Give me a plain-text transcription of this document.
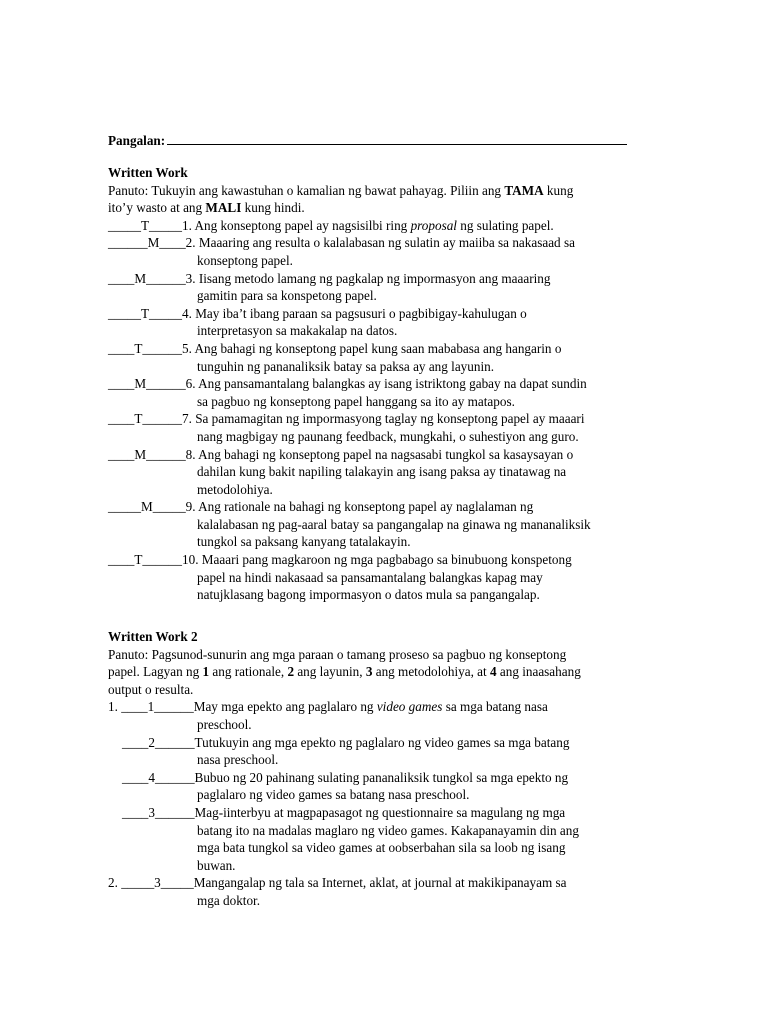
Pangalan:
Written Work
Panuto: Tukuyin ang kawastuhan o kamalian ng bawat pahayag. Piliin ang TAMA kung
ito’y wasto at ang MALI kung hindi.
_____T_____ 1. Ang konseptong papel ay nagsisilbi ring proposal ng sulating papel.
______M____ 2. Maaaring ang resulta o kalalabasan ng sulatin ay maiiba sa nakasaad sa
konseptong papel.
____M______ 3. Iisang metodo lamang ng pagkalap ng impormasyon ang maaaring
gamitin para sa konspetong papel.
_____T_____ 4. May iba’t ibang paraan sa pagsusuri o pagbibigay-kahulugan o
interpretasyon sa makakalap na datos.
____T______ 5. Ang bahagi ng konseptong papel kung saan mababasa ang hangarin o
tunguhin ng pananaliksik batay sa paksa ay ang layunin.
____M______ 6. Ang pansamantalang balangkas ay isang istriktong gabay na dapat sundin
sa pagbuo ng konseptong papel hanggang sa ito ay matapos.
____T______ 7. Sa pamamagitan ng impormasyong taglay ng konseptong papel ay maaari
nang magbigay ng paunang feedback, mungkahi, o suhestiyon ang guro.
____M______ 8. Ang bahagi ng konseptong papel na nagsasabi tungkol sa kasaysayan o
dahilan kung bakit napiling talakayin ang isang paksa ay tinatawag na
metodolohiya.
_____M_____ 9. Ang rationale na bahagi ng konseptong papel ay naglalaman ng
kalalabasan ng pag-aaral batay sa pangangalap na ginawa ng mananaliksik
tungkol sa paksang kanyang tatalakayin.
____T______ 10. Maaari pang magkaroon ng mga pagbabago sa binubuong konspetong
papel na hindi nakasaad sa pansamantalang balangkas kapag may
natujklasang bagong impormasyon o datos mula sa pangangalap.
Written Work 2
Panuto: Pagsunod-sunurin ang mga paraan o tamang proseso sa pagbuo ng konseptong
papel. Lagyan ng 1 ang rationale, 2 ang layunin, 3 ang metodolohiya, at 4 ang inaasahang
output o resulta.
1. ____1______ May mga epekto ang paglalaro ng video games sa mga batang nasa
preschool.
____2______ Tutukuyin ang mga epekto ng paglalaro ng video games sa mga batang
nasa preschool.
____4______ Bubuo ng 20 pahinang sulating pananaliksik tungkol sa mga epekto ng
paglalaro ng video games sa batang nasa preschool.
____3______ Mag-iinterbyu at magpapasagot ng questionnaire sa magulang ng mga
batang ito na madalas maglaro ng video games. Kakapanayamin din ang
mga bata tungkol sa video games at oobserbahan sila sa loob ng isang
buwan.
2. _____3_____ Mangangalap ng tala sa Internet, aklat, at journal at makikipanayam sa
mga doktor.
